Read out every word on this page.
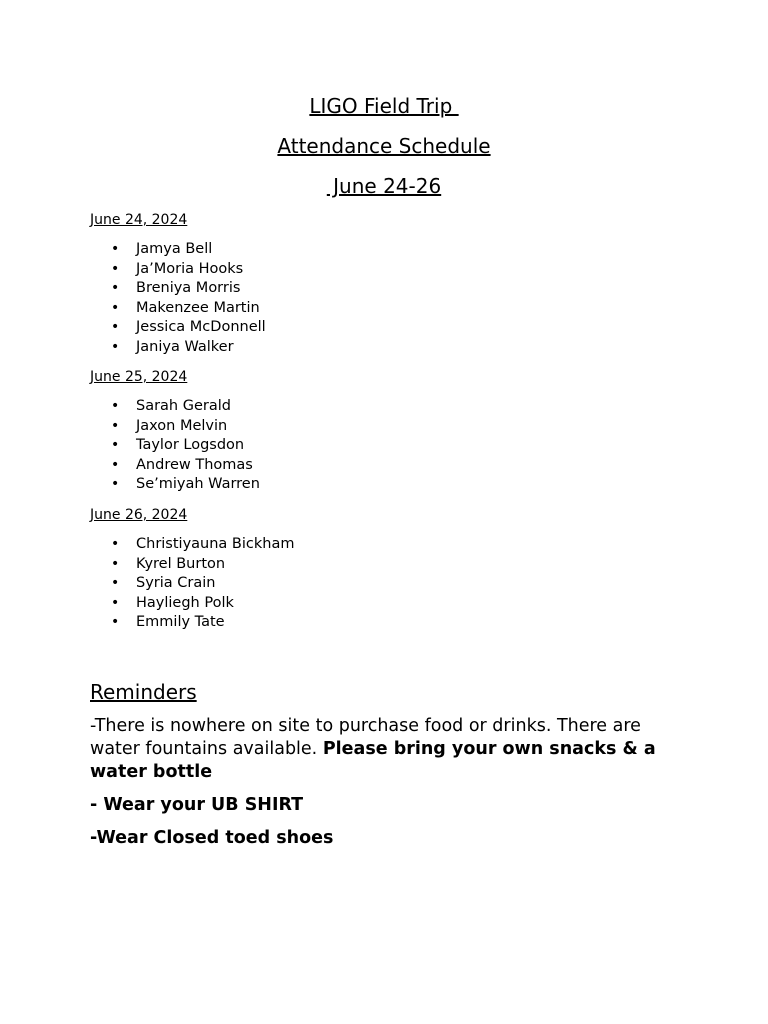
LIGO Field Trip
Attendance Schedule
June 24-26
June 24, 2024
• Jamya Bell
• Ja’Moria Hooks
• Breniya Morris
• Makenzee Martin
• Jessica McDonnell
• Janiya Walker
June 25, 2024
• Sarah Gerald
• Jaxon Melvin
• Taylor Logsdon
• Andrew Thomas
• Se’miyah Warren
June 26, 2024
• Christiyauna Bickham
• Kyrel Burton
• Syria Crain
• Hayliegh Polk
• Emmily Tate
Reminders
-There is nowhere on site to purchase food or drinks. There are water fountains available. Please bring your own snacks & a water bottle
- Wear your UB SHIRT
-Wear Closed toed shoes
